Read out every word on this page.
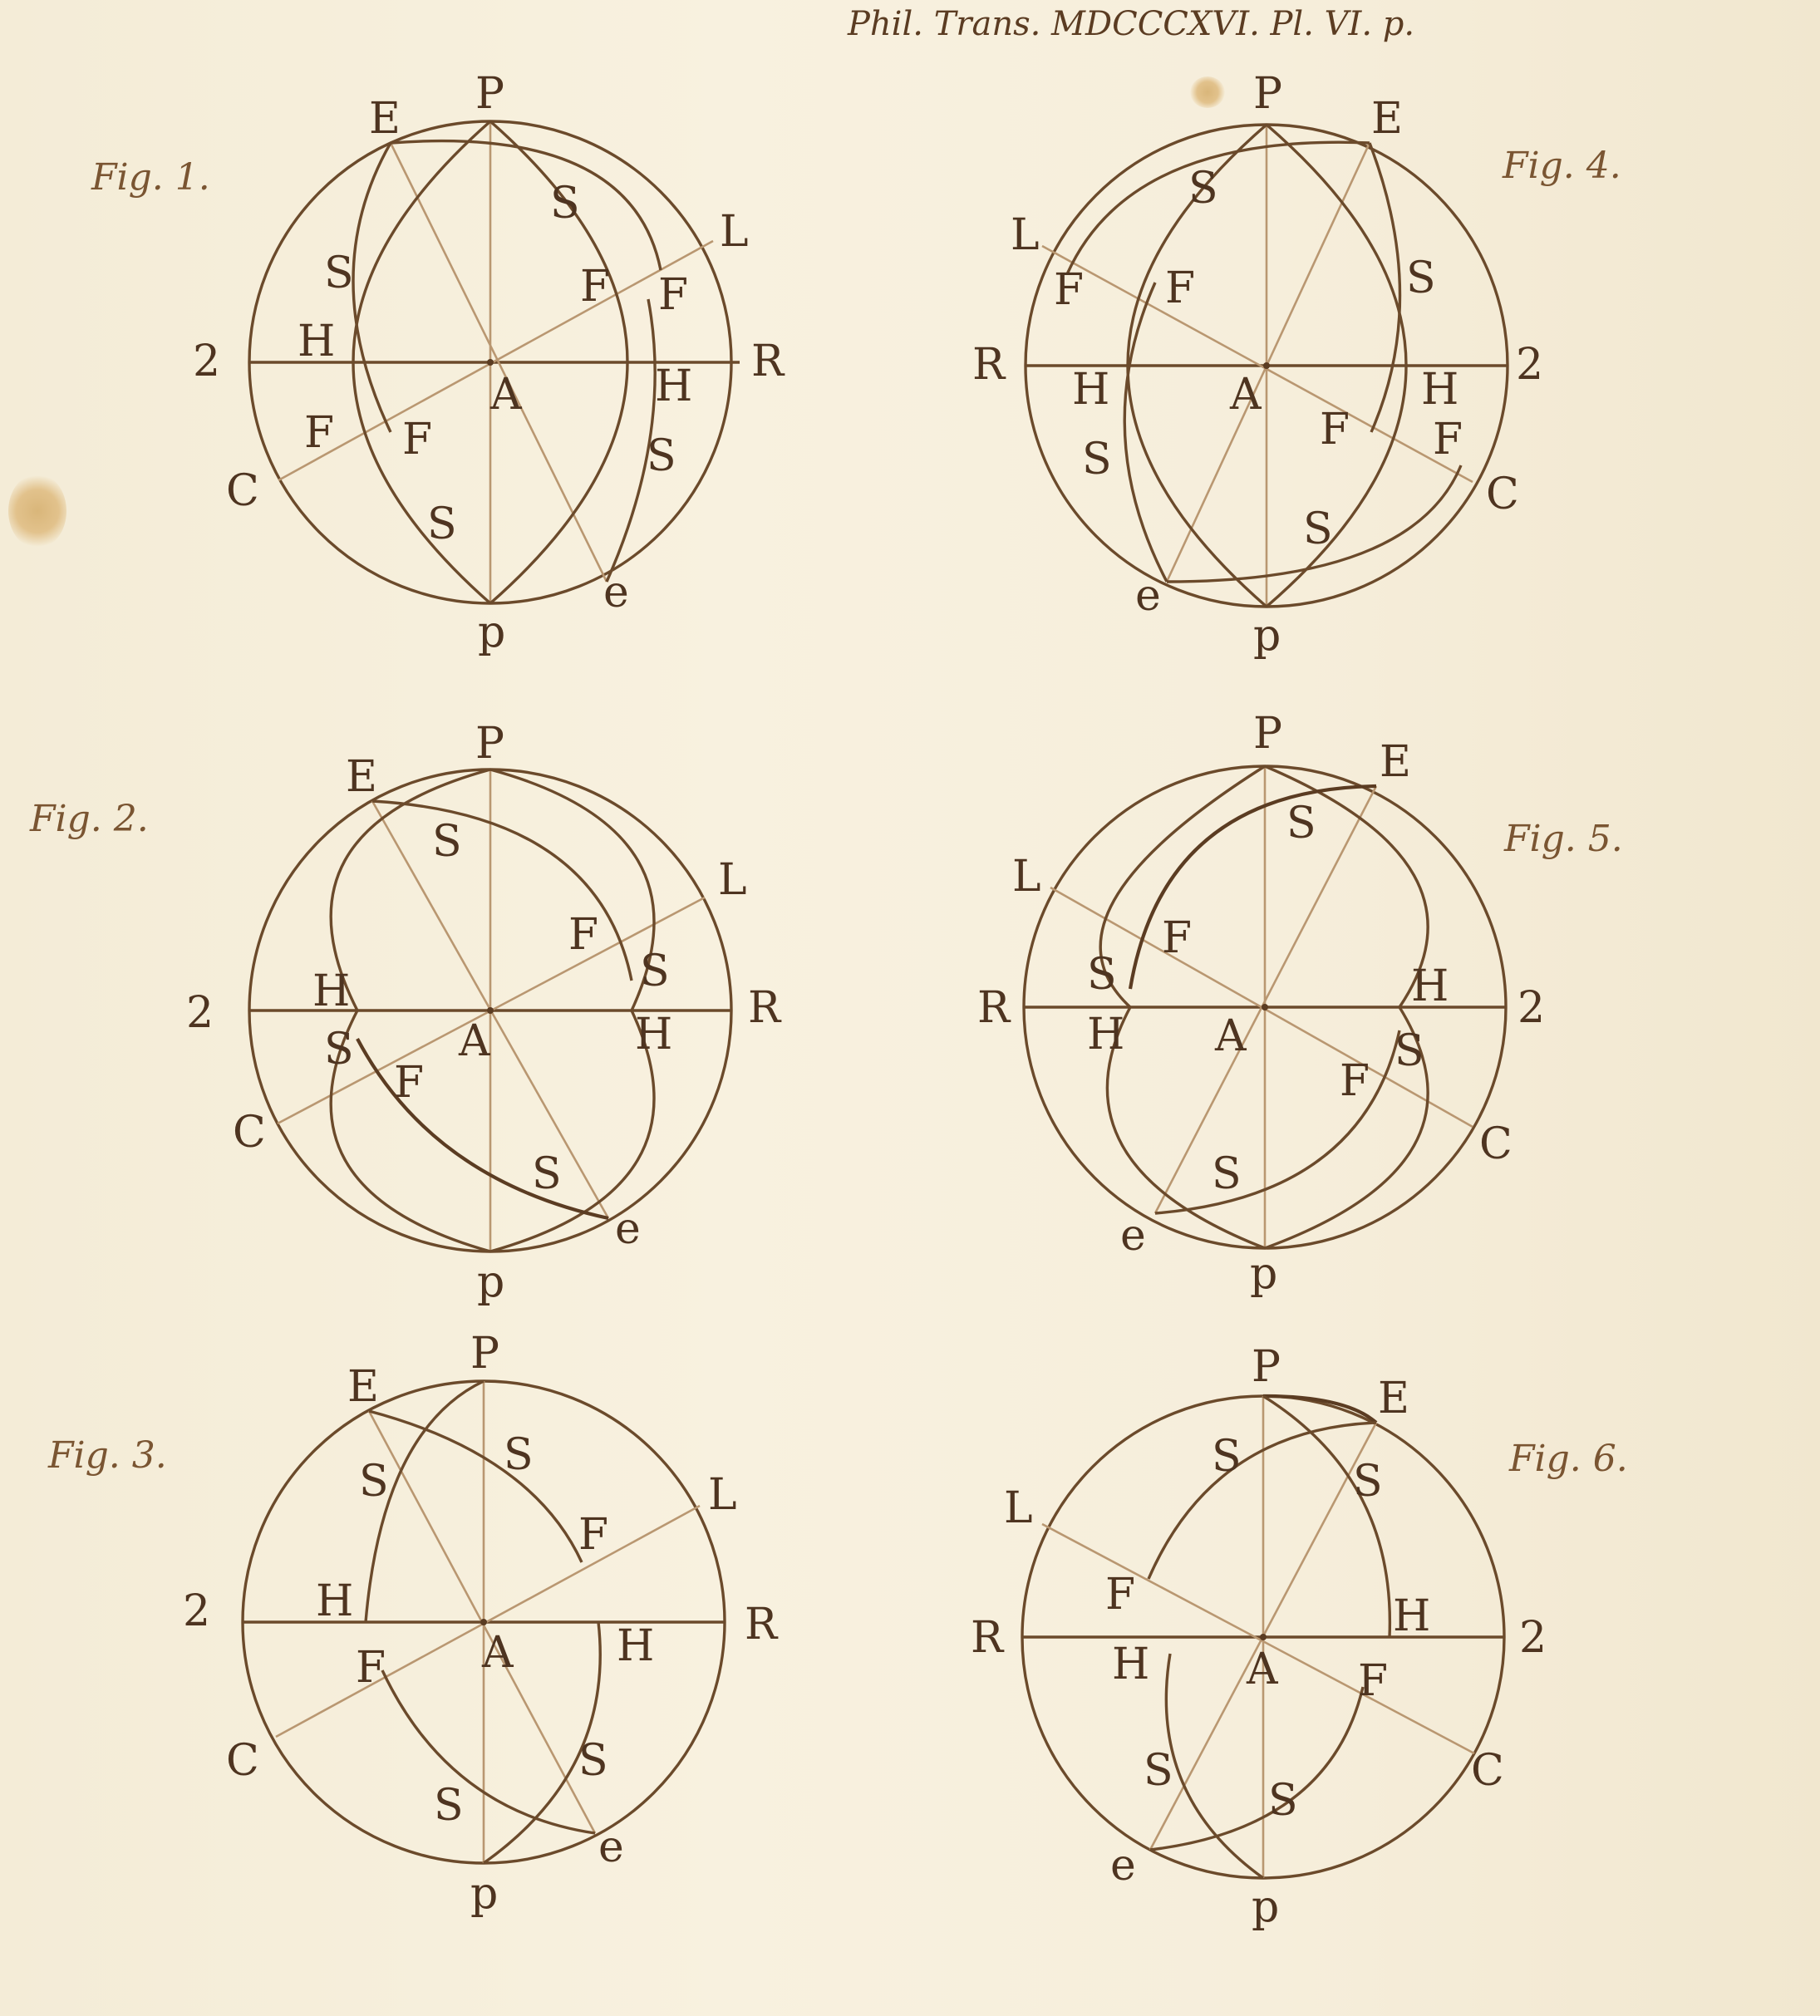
Phil. Trans. MDCCCXVI. Pl. VI. p.
Fig. 1.
P
p
E
e
L
C
R
2
A
H
H
S
S
S
S
F F
F F
Fig. 2.
P
p
E
e
L
C
R
2
A
H
H
S
S
S
S
F
F
Fig. 3.
P
p
E
e
L
C
R
2
A
H
H
S
S
S
S
F
F
Fig. 4.
P
p
E
e
L
C
R	2
A
H	H
S
S
S
S
F F
F F
Fig. 5.
P
p
E
e
L
C
R	2
A
H
H
S
S
S
S
F
F
Fig. 6.
P
p
E
e
L
C
R	2
A
H
H
S	S
S
S
F
F
